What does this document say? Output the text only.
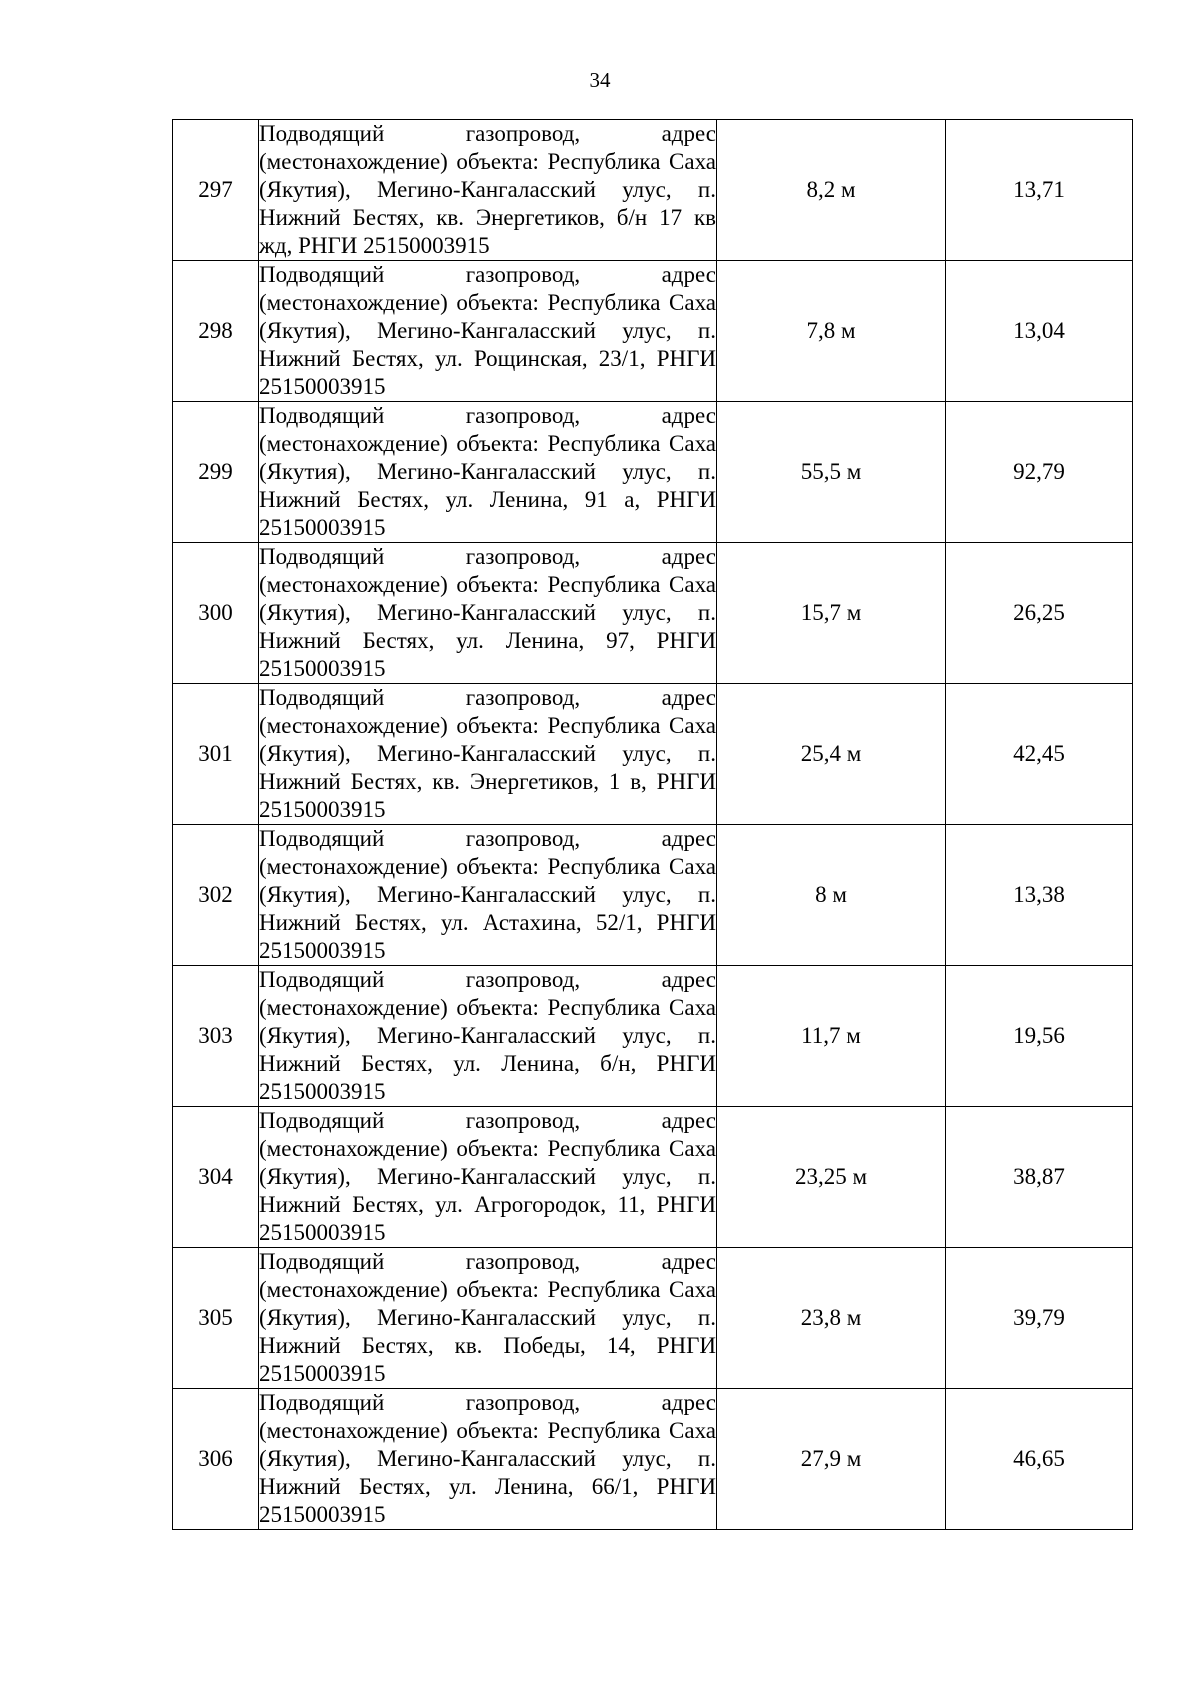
34
297	Подводящий газопровод, адрес (местонахождение) объекта: Республика Саха (Якутия), Мегино-Кангаласский улус, п. Нижний Бестях, кв. Энергетиков, б/н 17 кв жд, РНГИ 25150003915	8,2 м	13,71
298	Подводящий газопровод, адрес (местонахождение) объекта: Республика Саха (Якутия), Мегино-Кангаласский улус, п. Нижний Бестях, ул. Рощинская, 23/1, РНГИ 25150003915	7,8 м	13,04
299	Подводящий газопровод, адрес (местонахождение) объекта: Республика Саха (Якутия), Мегино-Кангаласский улус, п. Нижний Бестях, ул. Ленина, 91 а, РНГИ 25150003915	55,5 м	92,79
300	Подводящий газопровод, адрес (местонахождение) объекта: Республика Саха (Якутия), Мегино-Кангаласский улус, п. Нижний Бестях, ул. Ленина, 97, РНГИ 25150003915	15,7 м	26,25
301	Подводящий газопровод, адрес (местонахождение) объекта: Республика Саха (Якутия), Мегино-Кангаласский улус, п. Нижний Бестях, кв. Энергетиков, 1 в, РНГИ 25150003915	25,4 м	42,45
302	Подводящий газопровод, адрес (местонахождение) объекта: Республика Саха (Якутия), Мегино-Кангаласский улус, п. Нижний Бестях, ул. Астахина, 52/1, РНГИ 25150003915	8 м	13,38
303	Подводящий газопровод, адрес (местонахождение) объекта: Республика Саха (Якутия), Мегино-Кангаласский улус, п. Нижний Бестях, ул. Ленина, б/н, РНГИ 25150003915	11,7 м	19,56
304	Подводящий газопровод, адрес (местонахождение) объекта: Республика Саха (Якутия), Мегино-Кангаласский улус, п. Нижний Бестях, ул. Агрогородок, 11, РНГИ 25150003915	23,25 м	38,87
305	Подводящий газопровод, адрес (местонахождение) объекта: Республика Саха (Якутия), Мегино-Кангаласский улус, п. Нижний Бестях, кв. Победы, 14, РНГИ 25150003915	23,8 м	39,79
306	Подводящий газопровод, адрес (местонахождение) объекта: Республика Саха (Якутия), Мегино-Кангаласский улус, п. Нижний Бестях, ул. Ленина, 66/1, РНГИ 25150003915	27,9 м	46,65
